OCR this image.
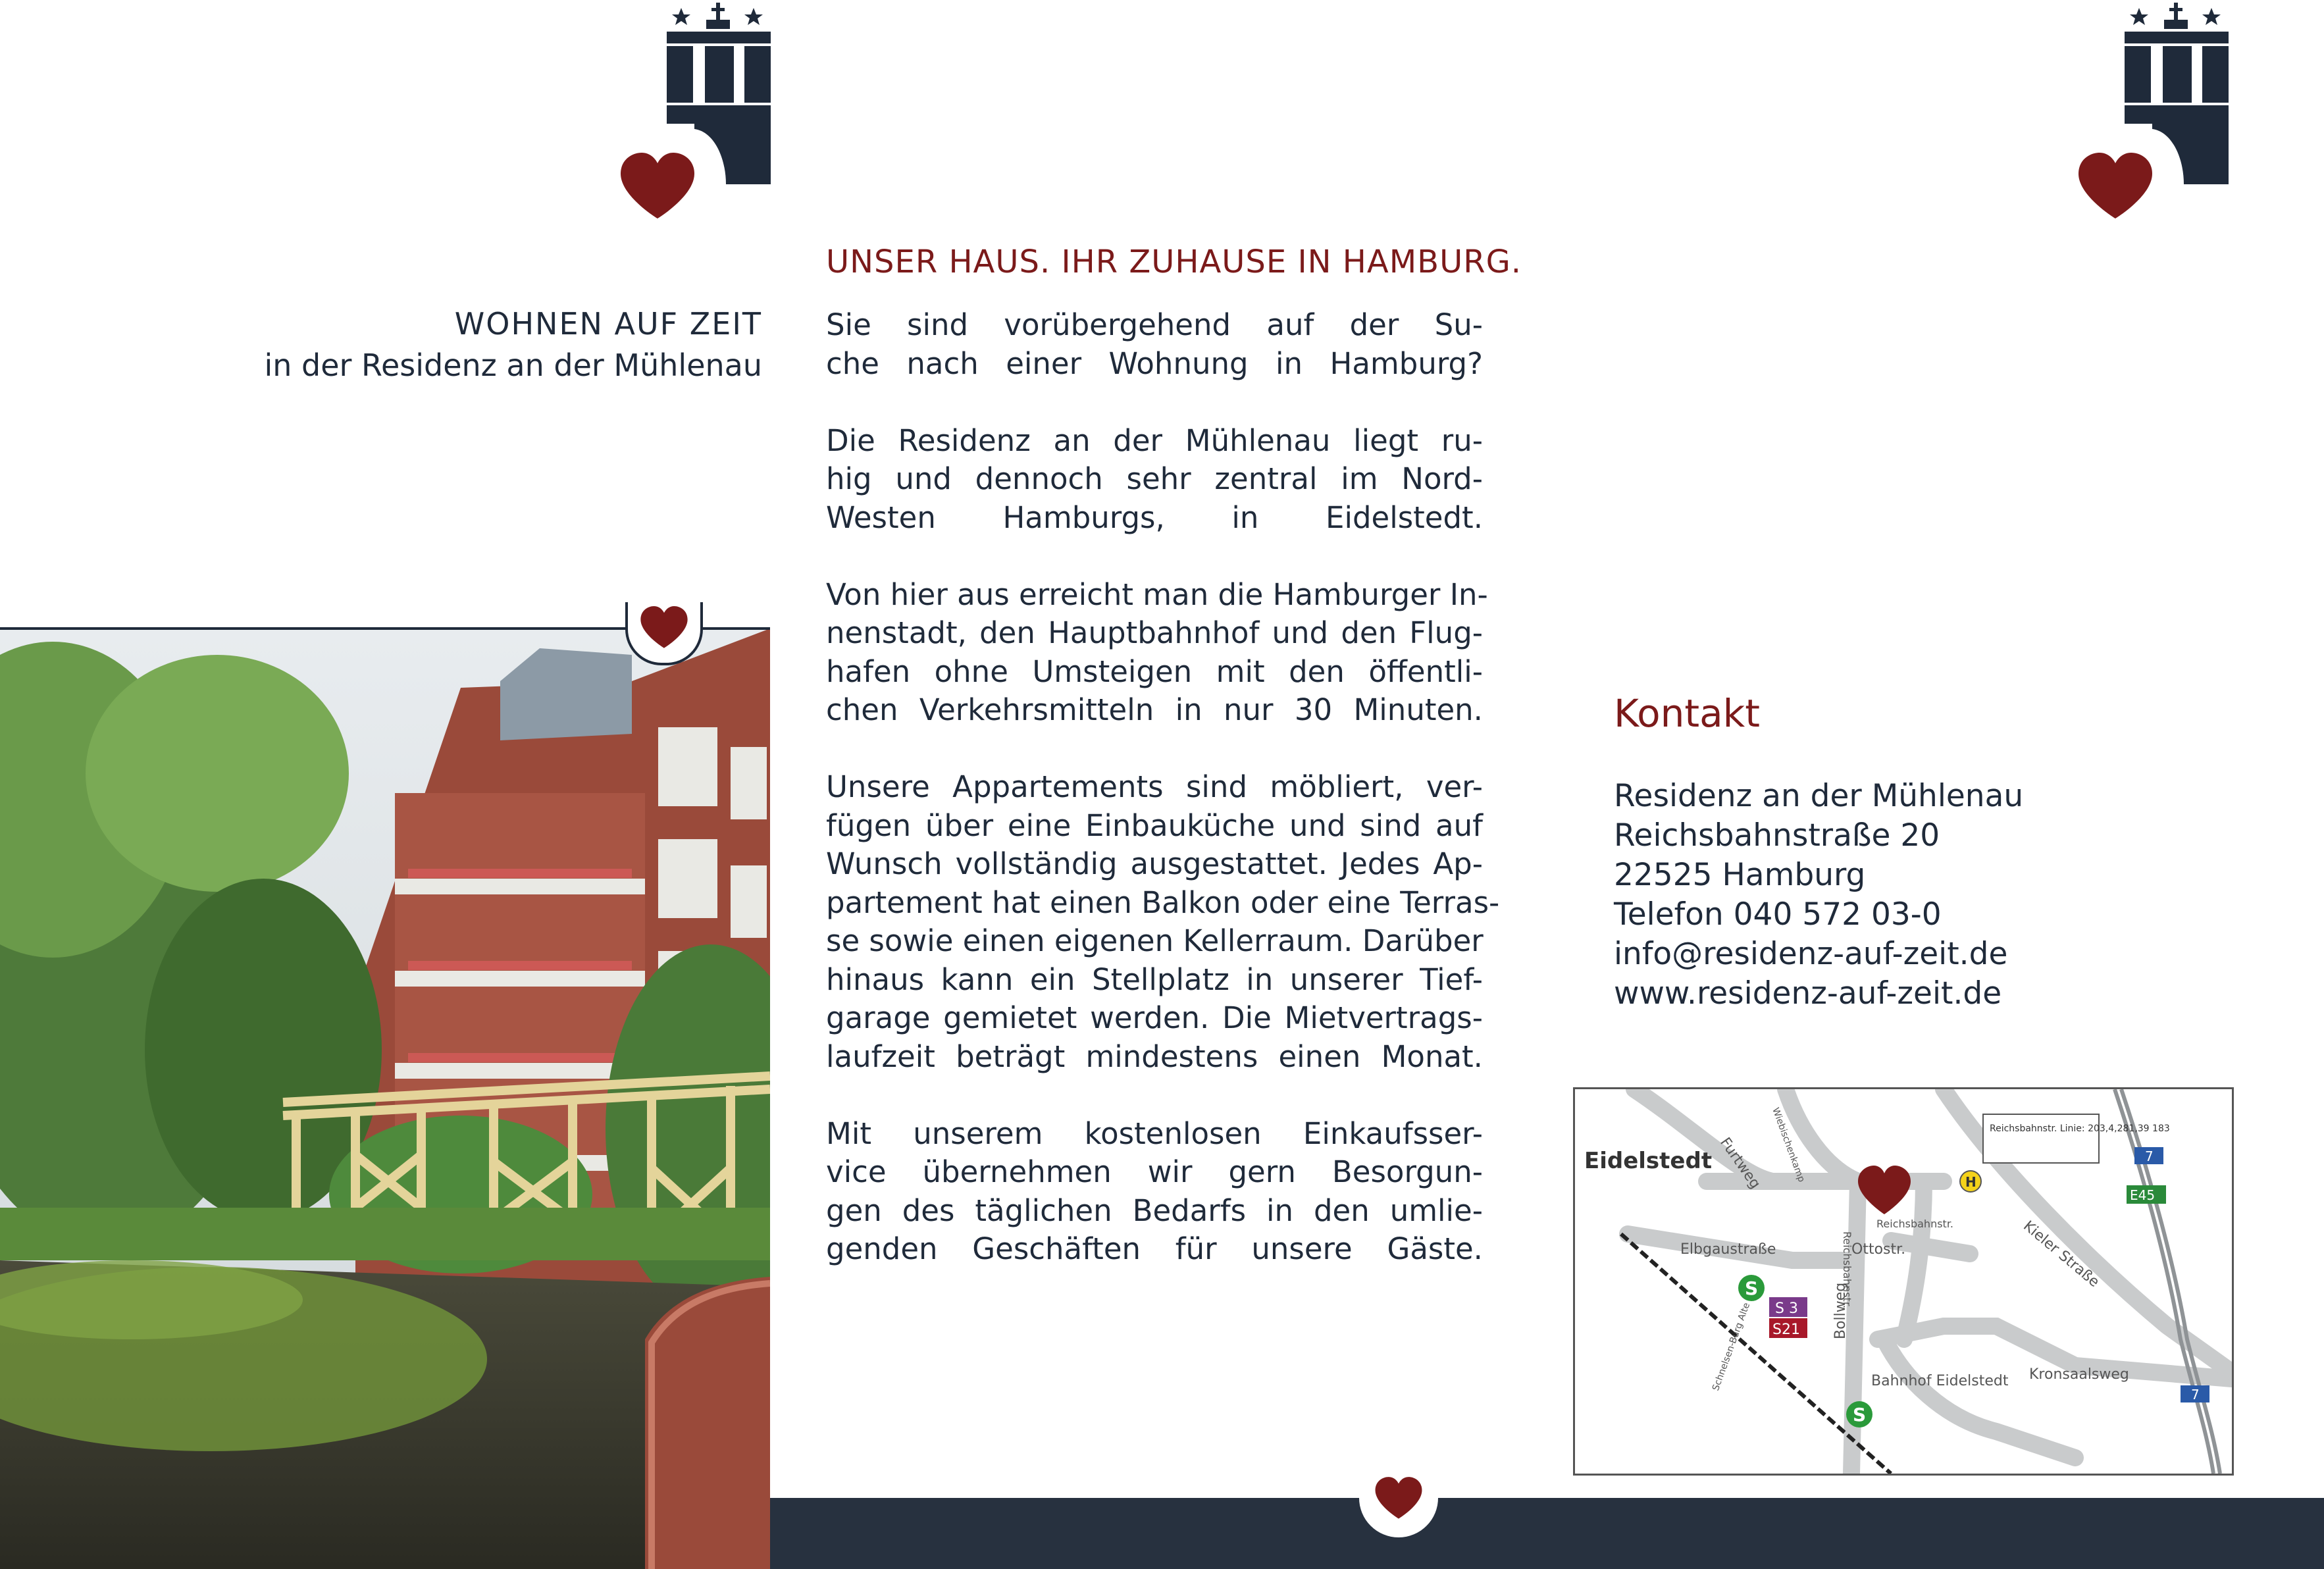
WOHNEN AUF ZEIT
in der Residenz an der Mühlenau
UNSER HAUS. IHR ZUHAUSE IN HAMBURG.

Sie sind vorübergehend auf der Su-
che nach einer Wohnung in Hamburg?

Die Residenz an der Mühlenau liegt ru-
hig und dennoch sehr zentral im Nord-
Westen Hamburgs, in Eidelstedt.

Von hier aus erreicht man die Hamburger In-
nenstadt, den Hauptbahnhof und den Flug-
hafen ohne Umsteigen mit den öffentli-
chen Verkehrsmitteln in nur 30 Minuten.

Unsere Appartements sind möbliert, ver-
fügen über eine Einbauküche und sind auf
Wunsch vollständig ausgestattet. Jedes Ap-
partement hat einen Balkon oder eine Terras-
se sowie einen eigenen Kellerraum. Darüber
hinaus kann ein Stellplatz in unserer Tief-
garage gemietet werden. Die Mietvertrags-
laufzeit beträgt mindestens einen Monat.

Mit unserem kostenlosen Einkaufsser-
vice übernehmen wir gern Besorgun-
gen des täglichen Bedarfs in den umlie-
genden Geschäften für unsere Gäste.

Kontakt
Residenz an der Mühlenau
Reichsbahnstraße 20
22525 Hamburg
Telefon 040 572 03-0
info@residenz-auf-zeit.de
www.residenz-auf-zeit.de
Eidelstedt Furtweg Wiebischenkamp
Elbgaustraße	Reichsbahnstr.
Reichsbahnstr.
Ottostr.
Bollweg
Schnelsen-Burg Alte
Kieler Straße
Kronsaalsweg
Bahnhof Eidelstedt
S
S
S 3
S21
H
Reichsbahnstr. Linie: 203,4,281,39 183
7
E45
7
